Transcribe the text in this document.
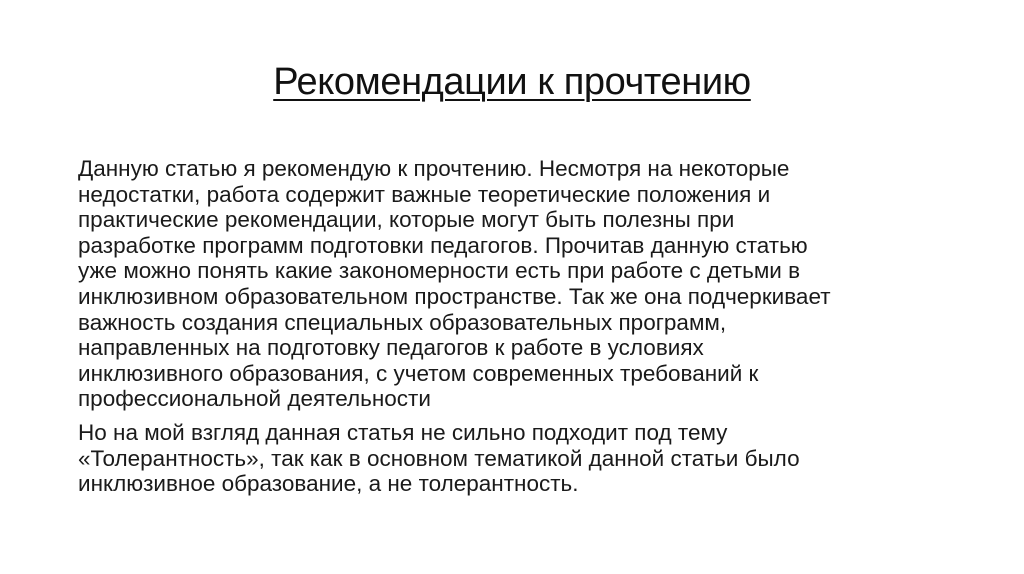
Рекомендации к прочтению

Данную статью я рекомендую к прочтению. Несмотря на некоторые
недостатки, работа содержит важные теоретические положения и
практические рекомендации, которые могут быть полезны при
разработке программ подготовки педагогов. Прочитав данную статью
уже можно понять какие закономерности есть при работе с детьми в
инклюзивном образовательном пространстве. Так же она подчеркивает
важность создания специальных образовательных программ,
направленных на подготовку педагогов к работе в условиях
инклюзивного образования, с учетом современных требований к
профессиональной деятельности

Но на мой взгляд данная статья не сильно подходит под тему
«Толерантность», так как в основном тематикой данной статьи было
инклюзивное образование, а не толерантность.
